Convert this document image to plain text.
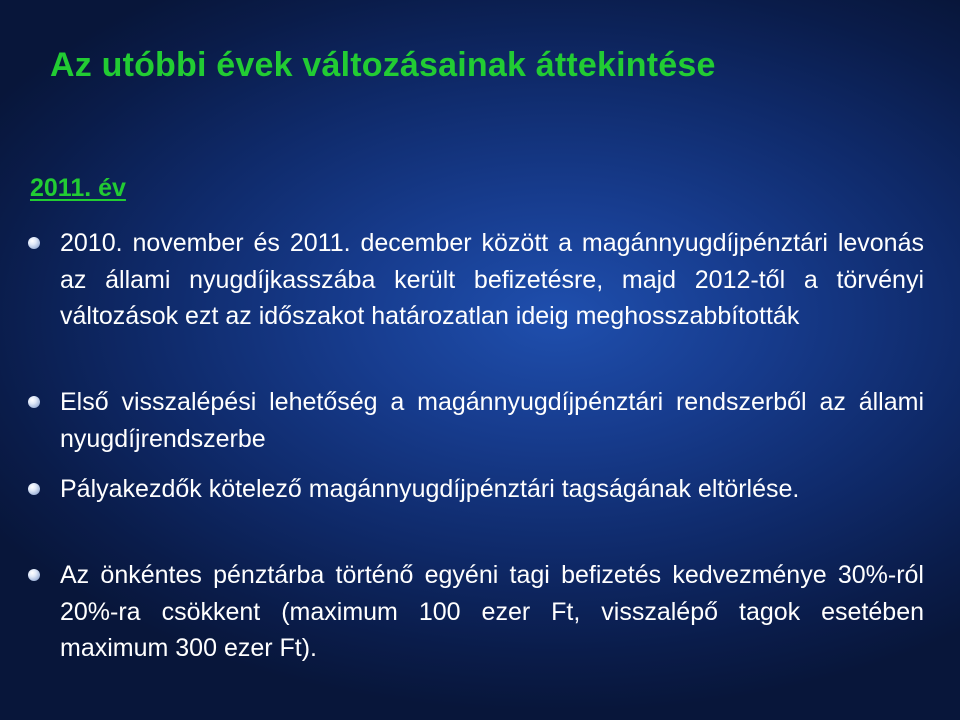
Az utóbbi évek változásainak áttekintése
2011. év
2010. november és 2011. december között a magánnyugdíjpénztári levonás az állami nyugdíjkasszába került befizetésre, majd 2012-től a törvényi változások ezt az időszakot határozatlan ideig meghosszabbították
Első visszalépési lehetőség a magánnyugdíjpénztári rendszerből az állami nyugdíjrendszerbe
Pályakezdők kötelező magánnyugdíjpénztári tagságának eltörlése.
Az önkéntes pénztárba történő egyéni tagi befizetés kedvezménye 30%-ról 20%-ra csökkent (maximum 100 ezer Ft, visszalépő tagok esetében maximum 300 ezer Ft).
